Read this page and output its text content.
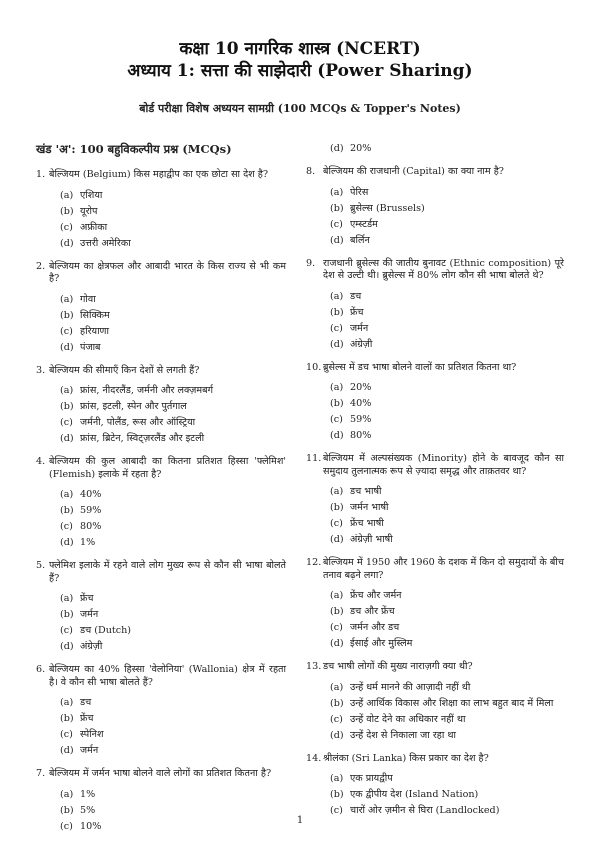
कक्षा 10 नागरिक शास्त्र (NCERT)
अध्याय 1: सत्ता की साझेदारी (Power Sharing)
बोर्ड परीक्षा विशेष अध्ययन सामग्री (100 MCQs & Topper's Notes)
खंड 'अ': 100 बहुविकल्पीय प्रश्न (MCQs)
1. बेल्जियम (Belgium) किस महाद्वीप का एक छोटा सा देश है?
(a) एशिया
(b) यूरोप
(c) अफ्रीका
(d) उत्तरी अमेरिका
2. बेल्जियम का क्षेत्रफल और आबादी भारत के किस राज्य से भी कम है?
(a) गोवा
(b) सिक्किम
(c) हरियाणा
(d) पंजाब
3. बेल्जियम की सीमाएँ किन देशों से लगती हैं?
(a) फ्रांस, नीदरलैंड, जर्मनी और लक्ज़मबर्ग
(b) फ्रांस, इटली, स्पेन और पुर्तगाल
(c) जर्मनी, पोलैंड, रूस और ऑस्ट्रिया
(d) फ्रांस, ब्रिटेन, स्विट्ज़रलैंड और इटली
4. बेल्जियम की कुल आबादी का कितना प्रतिशत हिस्सा 'फ्लेमिश' (Flemish) इलाके में रहता है?
(a) 40%
(b) 59%
(c) 80%
(d) 1%
5. फ्लेमिश इलाके में रहने वाले लोग मुख्य रूप से कौन सी भाषा बोलते हैं?
(a) फ्रेंच
(b) जर्मन
(c) डच (Dutch)
(d) अंग्रेज़ी
6. बेल्जियम का 40% हिस्सा 'वेलोनिया' (Wallonia) क्षेत्र में रहता है। वे कौन सी भाषा बोलते हैं?
(a) डच
(b) फ्रेंच
(c) स्पेनिश
(d) जर्मन
7. बेल्जियम में जर्मन भाषा बोलने वाले लोगों का प्रतिशत कितना है?
(a) 1%
(b) 5%
(c) 10%
(d) 20%
8. बेल्जियम की राजधानी (Capital) का क्या नाम है?
(a) पेरिस
(b) ब्रुसेल्स (Brussels)
(c) एम्स्टर्डम
(d) बर्लिन
9. राजधानी ब्रुसेल्स की जातीय बुनावट (Ethnic composition) पूरे देश से उल्टी थी। ब्रुसेल्स में 80% लोग कौन सी भाषा बोलते थे?
(a) डच
(b) फ्रेंच
(c) जर्मन
(d) अंग्रेज़ी
10. ब्रुसेल्स में डच भाषा बोलने वालों का प्रतिशत कितना था?
(a) 20%
(b) 40%
(c) 59%
(d) 80%
11. बेल्जियम में अल्पसंख्यक (Minority) होने के बावजूद कौन सा समुदाय तुलनात्मक रूप से ज़्यादा समृद्ध और ताक़तवर था?
(a) डच भाषी
(b) जर्मन भाषी
(c) फ्रेंच भाषी
(d) अंग्रेज़ी भाषी
12. बेल्जियम में 1950 और 1960 के दशक में किन दो समुदायों के बीच तनाव बढ़ने लगा?
(a) फ्रेंच और जर्मन
(b) डच और फ्रेंच
(c) जर्मन और डच
(d) ईसाई और मुस्लिम
13. डच भाषी लोगों की मुख्य नाराज़गी क्या थी?
(a) उन्हें धर्म मानने की आज़ादी नहीं थी
(b) उन्हें आर्थिक विकास और शिक्षा का लाभ बहुत बाद में मिला
(c) उन्हें वोट देने का अधिकार नहीं था
(d) उन्हें देश से निकाला जा रहा था
14. श्रीलंका (Sri Lanka) किस प्रकार का देश है?
(a) एक प्रायद्वीप
(b) एक द्वीपीय देश (Island Nation)
(c) चारों ओर ज़मीन से घिरा (Landlocked)
1
